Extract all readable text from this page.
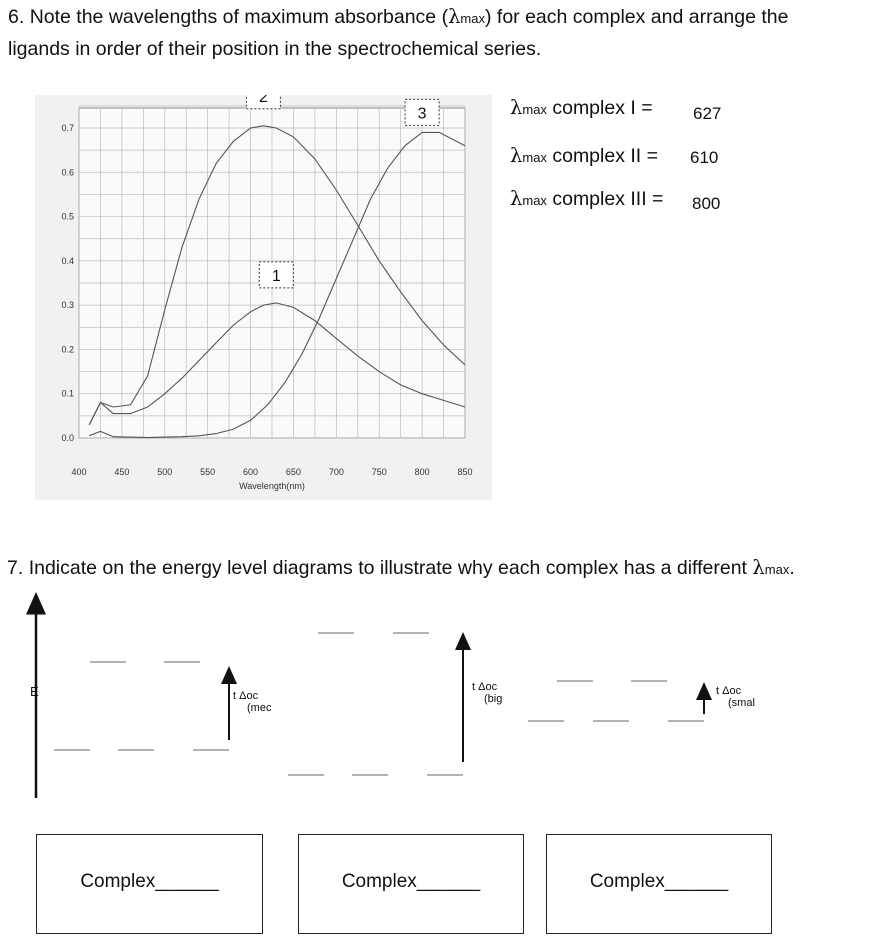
6. Note the wavelengths of maximum absorbance (λmax) for each complex and arrange the
ligands in order of their position in the spectrochemical series.
λmax complex I = 627
λmax complex II = 610
λmax complex III = 800
400	450	500	550	600	650	700	750	800	850
0.0
0.1
0.2
0.3
0.4
0.5
0.6
0.7
Wavelength(nm)
1
2
3
7. Indicate on the energy level diagrams to illustrate why each complex has a different λmax.
E	t Δoc
(mec
t Δoc
(big
t Δoc
(smal
Complex______	Complex______	Complex______
